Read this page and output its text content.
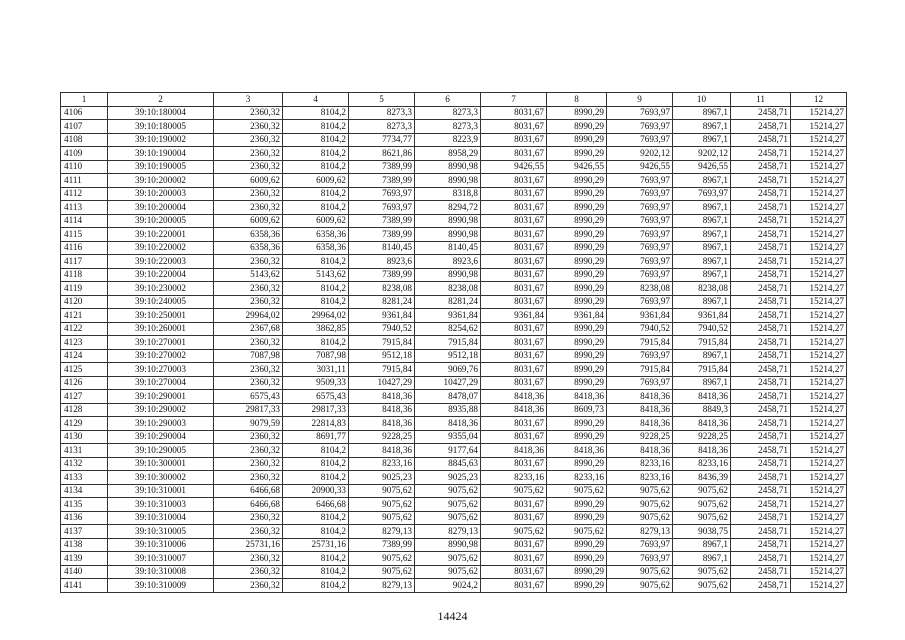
1	2	3	4	5	6	7	8	9	10	11	12
4106	39:10:180004	2360,32	8104,2	8273,3	8273,3	8031,67	8990,29	7693,97	8967,1	2458,71	15214,27
4107	39:10:180005	2360,32	8104,2	8273,3	8273,3	8031,67	8990,29	7693,97	8967,1	2458,71	15214,27
4108	39:10:190002	2360,32	8104,2	7734,77	8223,9	8031,67	8990,29	7693,97	8967,1	2458,71	15214,27
4109	39:10:190004	2360,32	8104,2	8621,86	8958,29	8031,67	8990,29	9202,12	9202,12	2458,71	15214,27
4110	39:10:190005	2360,32	8104,2	7389,99	8990,98	9426,55	9426,55	9426,55	9426,55	2458,71	15214,27
4111	39:10:200002	6009,62	6009,62	7389,99	8990,98	8031,67	8990,29	7693,97	8967,1	2458,71	15214,27
4112	39:10:200003	2360,32	8104,2	7693,97	8318,8	8031,67	8990,29	7693,97	7693,97	2458,71	15214,27
4113	39:10:200004	2360,32	8104,2	7693,97	8294,72	8031,67	8990,29	7693,97	8967,1	2458,71	15214,27
4114	39:10:200005	6009,62	6009,62	7389,99	8990,98	8031,67	8990,29	7693,97	8967,1	2458,71	15214,27
4115	39:10:220001	6358,36	6358,36	7389,99	8990,98	8031,67	8990,29	7693,97	8967,1	2458,71	15214,27
4116	39:10:220002	6358,36	6358,36	8140,45	8140,45	8031,67	8990,29	7693,97	8967,1	2458,71	15214,27
4117	39:10:220003	2360,32	8104,2	8923,6	8923,6	8031,67	8990,29	7693,97	8967,1	2458,71	15214,27
4118	39:10:220004	5143,62	5143,62	7389,99	8990,98	8031,67	8990,29	7693,97	8967,1	2458,71	15214,27
4119	39:10:230002	2360,32	8104,2	8238,08	8238,08	8031,67	8990,29	8238,08	8238,08	2458,71	15214,27
4120	39:10:240005	2360,32	8104,2	8281,24	8281,24	8031,67	8990,29	7693,97	8967,1	2458,71	15214,27
4121	39:10:250001	29964,02	29964,02	9361,84	9361,84	9361,84	9361,84	9361,84	9361,84	2458,71	15214,27
4122	39:10:260001	2367,68	3862,85	7940,52	8254,62	8031,67	8990,29	7940,52	7940,52	2458,71	15214,27
4123	39:10:270001	2360,32	8104,2	7915,84	7915,84	8031,67	8990,29	7915,84	7915,84	2458,71	15214,27
4124	39:10:270002	7087,98	7087,98	9512,18	9512,18	8031,67	8990,29	7693,97	8967,1	2458,71	15214,27
4125	39:10:270003	2360,32	3031,11	7915,84	9069,76	8031,67	8990,29	7915,84	7915,84	2458,71	15214,27
4126	39:10:270004	2360,32	9509,33	10427,29	10427,29	8031,67	8990,29	7693,97	8967,1	2458,71	15214,27
4127	39:10:290001	6575,43	6575,43	8418,36	8478,07	8418,36	8418,36	8418,36	8418,36	2458,71	15214,27
4128	39:10:290002	29817,33	29817,33	8418,36	8935,88	8418,36	8609,73	8418,36	8849,3	2458,71	15214,27
4129	39:10:290003	9079,59	22814,83	8418,36	8418,36	8031,67	8990,29	8418,36	8418,36	2458,71	15214,27
4130	39:10:290004	2360,32	8691,77	9228,25	9355,04	8031,67	8990,29	9228,25	9228,25	2458,71	15214,27
4131	39:10:290005	2360,32	8104,2	8418,36	9177,64	8418,36	8418,36	8418,36	8418,36	2458,71	15214,27
4132	39:10:300001	2360,32	8104,2	8233,16	8845,63	8031,67	8990,29	8233,16	8233,16	2458,71	15214,27
4133	39:10:300002	2360,32	8104,2	9025,23	9025,23	8233,16	8233,16	8233,16	8436,39	2458,71	15214,27
4134	39:10:310001	6466,68	20900,33	9075,62	9075,62	9075,62	9075,62	9075,62	9075,62	2458,71	15214,27
4135	39:10:310003	6466,68	6466,68	9075,62	9075,62	8031,67	8990,29	9075,62	9075,62	2458,71	15214,27
4136	39:10:310004	2360,32	8104,2	9075,62	9075,62	8031,67	8990,29	9075,62	9075,62	2458,71	15214,27
4137	39:10:310005	2360,32	8104,2	8279,13	8279,13	9075,62	9075,62	8279,13	9038,75	2458,71	15214,27
4138	39:10:310006	25731,16	25731,16	7389,99	8990,98	8031,67	8990,29	7693,97	8967,1	2458,71	15214,27
4139	39:10:310007	2360,32	8104,2	9075,62	9075,62	8031,67	8990,29	7693,97	8967,1	2458,71	15214,27
4140	39:10:310008	2360,32	8104,2	9075,62	9075,62	8031,67	8990,29	9075,62	9075,62	2458,71	15214,27
4141	39:10:310009	2360,32	8104,2	8279,13	9024,2	8031,67	8990,29	9075,62	9075,62	2458,71	15214,27
14424
